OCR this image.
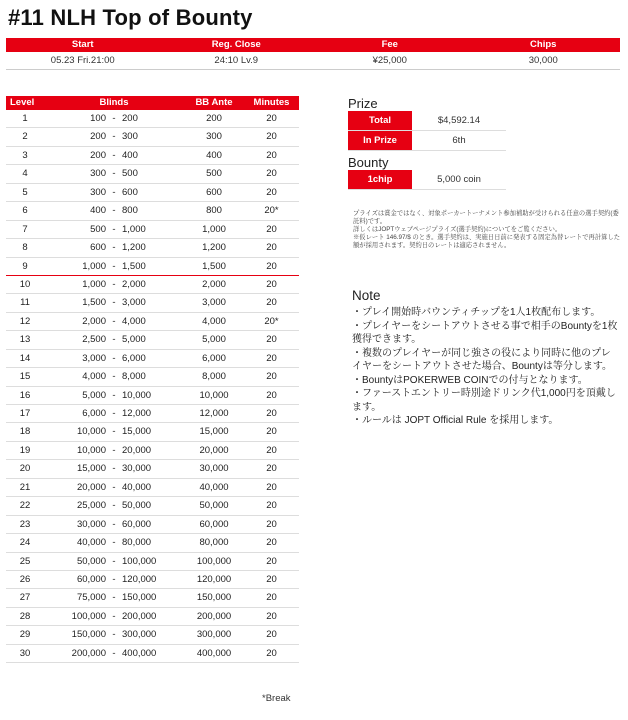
#11 NLH Top of Bounty
Start	Reg. Close	Fee	Chips
05.23 Fri.21:00	24:10 Lv.9	¥25,000	30,000
Level	Blinds	BB Ante	Minutes
1	100 - 200	200	20
2	200 - 300	300	20
3	200 - 400	400	20
4	300 - 500	500	20
5	300 - 600	600	20
6	400 - 800	800	20*
7	500 - 1,000	1,000	20
8	600 - 1,200	1,200	20
9	1,000 - 1,500	1,500	20
10	1,000 - 2,000	2,000	20
11	1,500 - 3,000	3,000	20
12	2,000 - 4,000	4,000	20*
13	2,500 - 5,000	5,000	20
14	3,000 - 6,000	6,000	20
15	4,000 - 8,000	8,000	20
16	5,000 - 10,000	10,000	20
17	6,000 - 12,000	12,000	20
18	10,000 - 15,000	15,000	20
19	10,000 - 20,000	20,000	20
20	15,000 - 30,000	30,000	20
21	20,000 - 40,000	40,000	20
22	25,000 - 50,000	50,000	20
23	30,000 - 60,000	60,000	20
24	40,000 - 80,000	80,000	20
25	50,000 - 100,000	100,000	20
26	60,000 - 120,000	120,000	20
27	75,000 - 150,000	150,000	20
28	100,000 - 200,000	200,000	20
29	150,000 - 300,000	300,000	20
30	200,000 - 400,000	400,000	20
*Break
Prize
Total	$4,592.14
In Prize	6th
Bounty
1chip	5,000 coin
プライズは賞金ではなく、対象ポーカートーナメント参加補助が受けられる任意の選手契約(委託料)です。
詳しくはJOPTウェブページプライズ(選手契約)についてをご覧ください。
※仮レート 146.97/$ のとき。選手契約は、実施日日前に発表する固定為替レートで再計算した額が採用されます。契約日のレートは適応されません。
Note

・プレイ開始時バウンティチップを1人1枚配布します。

・プレイヤーをシートアウトさせる事で相手のBountyを1枚獲得できます。

・複数のプレイヤーが同じ強さの役により同時に他のプレイヤーをシートアウトさせた場合、Bountyは等分します。

・BountyはPOKERWEB COINでの付与となります。

・ファーストエントリー時別途ドリンク代1,000円を頂戴します。

・ルールは JOPT Official Rule を採用します。
